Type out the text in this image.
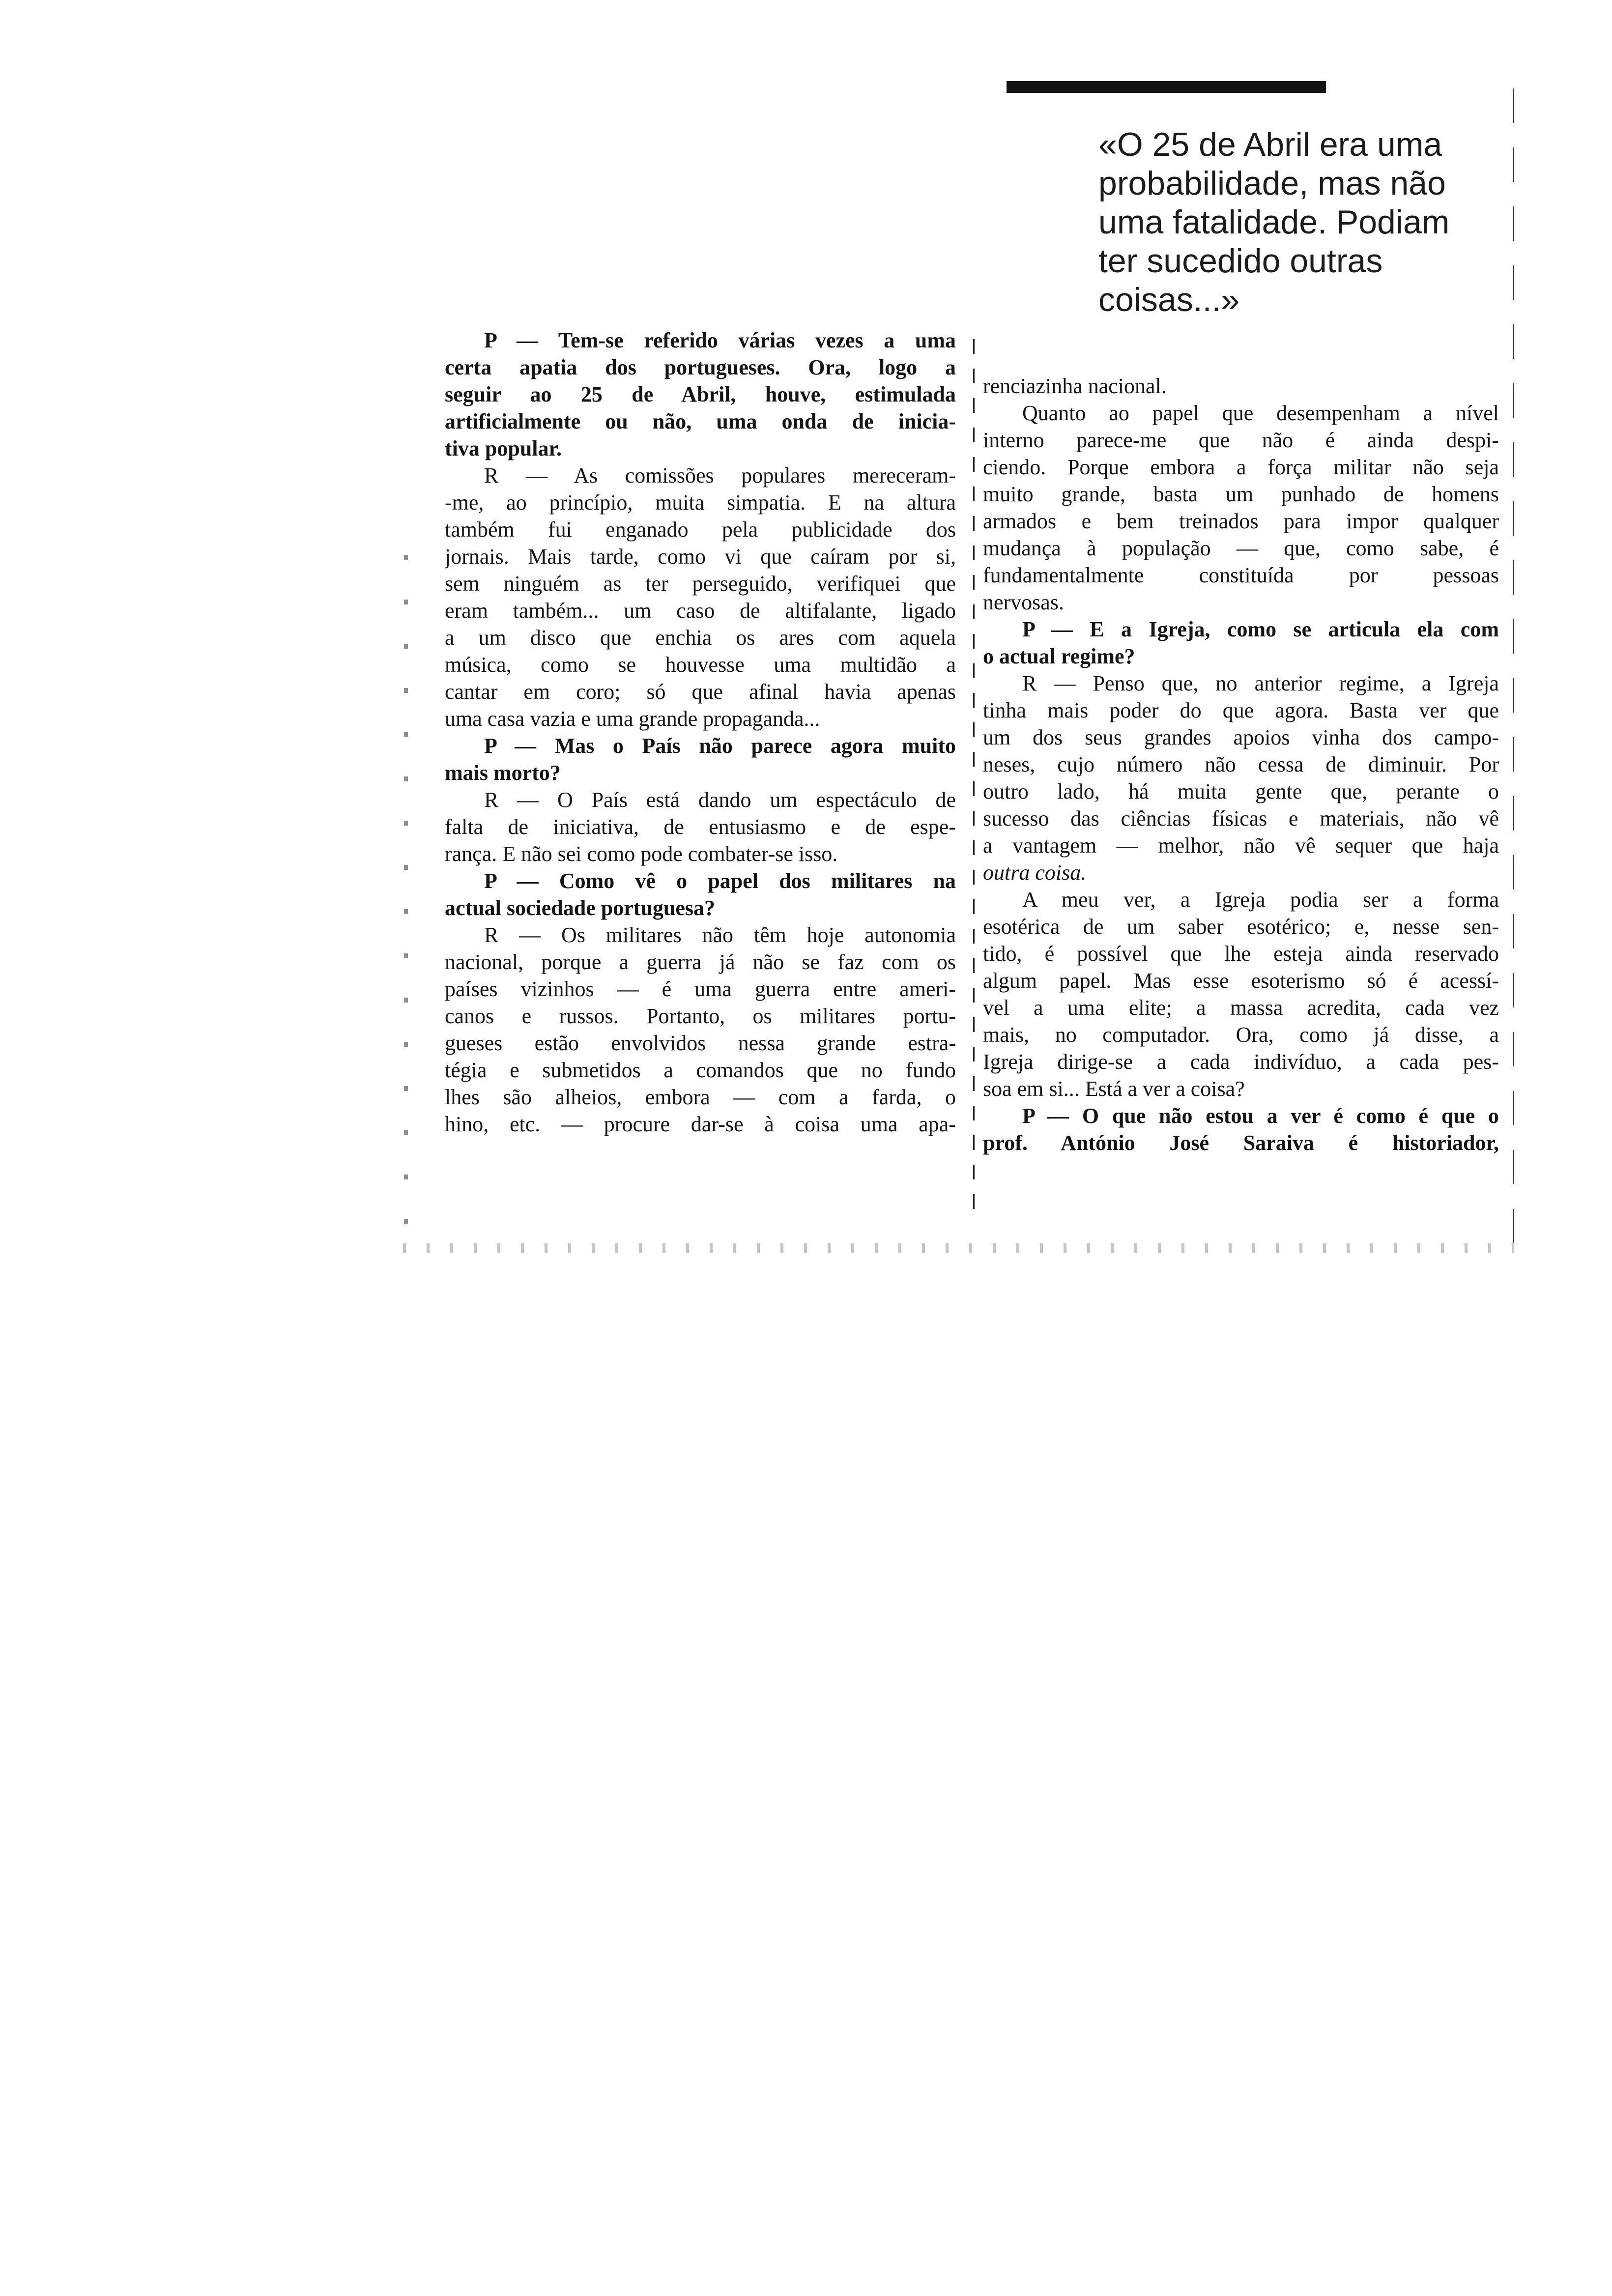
«O 25 de Abril era uma
probabilidade, mas não
uma fatalidade. Podiam
ter sucedido outras
coisas...»
P — Tem-se referido várias vezes a uma
certa apatia dos portugueses. Ora, logo a
seguir ao 25 de Abril, houve, estimulada
artificialmente ou não, uma onda de inicia-
tiva popular.
R — As comissões populares mereceram-
-me, ao princípio, muita simpatia. E na altura
também fui enganado pela publicidade dos
jornais. Mais tarde, como vi que caíram por si,
sem ninguém as ter perseguido, verifiquei que
eram também... um caso de altifalante, ligado
a um disco que enchia os ares com aquela
música, como se houvesse uma multidão a
cantar em coro; só que afinal havia apenas
uma casa vazia e uma grande propaganda...
P — Mas o País não parece agora muito
mais morto?
R — O País está dando um espectáculo de
falta de iniciativa, de entusiasmo e de espe-
rança. E não sei como pode combater-se isso.
P — Como vê o papel dos militares na
actual sociedade portuguesa?
R — Os militares não têm hoje autonomia
nacional, porque a guerra já não se faz com os
países vizinhos — é uma guerra entre ameri-
canos e russos. Portanto, os militares portu-
gueses estão envolvidos nessa grande estra-
tégia e submetidos a comandos que no fundo
lhes são alheios, embora — com a farda, o
hino, etc. — procure dar-se à coisa uma apa-
renciazinha nacional.
Quanto ao papel que desempenham a nível
interno parece-me que não é ainda despi-
ciendo. Porque embora a força militar não seja
muito grande, basta um punhado de homens
armados e bem treinados para impor qualquer
mudança à população — que, como sabe, é
fundamentalmente constituída por pessoas
nervosas.
P — E a Igreja, como se articula ela com
o actual regime?
R — Penso que, no anterior regime, a Igreja
tinha mais poder do que agora. Basta ver que
um dos seus grandes apoios vinha dos campo-
neses, cujo número não cessa de diminuir. Por
outro lado, há muita gente que, perante o
sucesso das ciências físicas e materiais, não vê
a vantagem — melhor, não vê sequer que haja
outra coisa.
A meu ver, a Igreja podia ser a forma
esotérica de um saber esotérico; e, nesse sen-
tido, é possível que lhe esteja ainda reservado
algum papel. Mas esse esoterismo só é acessí-
vel a uma elite; a massa acredita, cada vez
mais, no computador. Ora, como já disse, a
Igreja dirige-se a cada indivíduo, a cada pes-
soa em si... Está a ver a coisa?
P — O que não estou a ver é como é que o
prof. António José Saraiva é historiador,
